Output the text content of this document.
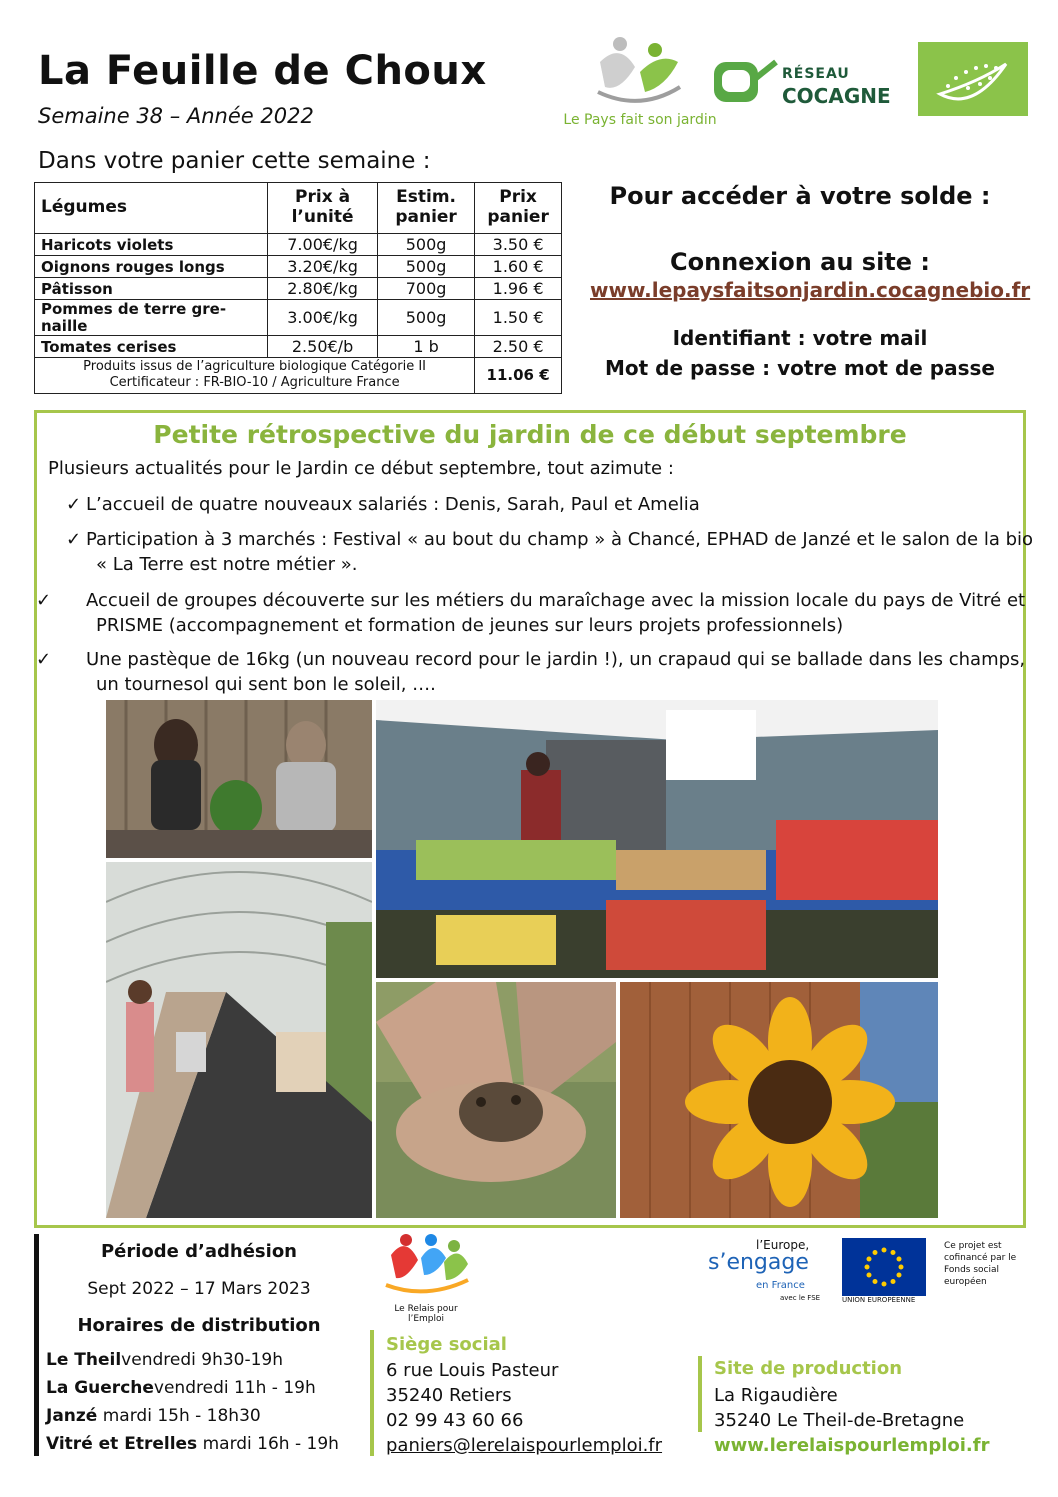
La Feuille de Choux
Semaine 38 – Année 2022	Le Pays fait son jardin
RÉSEAU
COCAGNE
Dans votre panier cette semaine :
Légumes	Prix à l’unité	Estim. panier	Prix panier
Haricots violets	7.00€/kg	500g	3.50 €
Oignons rouges longs	3.20€/kg	500g	1.60 €
Pâtisson	2.80€/kg	700g	1.96 €
Pommes de terre gre-naille	3.00€/kg	500g	1.50 €
Tomates cerises	2.50€/b	1 b	2.50 €

Produits issus de l’agriculture biologique Catégorie II
Certificateur : FR-BIO-10 / Agriculture France			11.06 €
Pour accéder à votre solde :
Connexion au site :
www.lepaysfaitsonjardin.cocagnebio.fr
Identifiant : votre mail
Mot de passe : votre mot de passe
Petite rétrospective du jardin de ce début septembre
Plusieurs actualités pour le Jardin ce début septembre, tout azimute :
✓ L’accueil de quatre nouveaux salariés : Denis, Sarah, Paul et Amelia
✓ Participation à 3 marchés : Festival « au bout du champ » à Chancé, EPHAD de Janzé et le salon de la bio « La Terre est notre métier ».
✓ Accueil de groupes découverte sur les métiers du maraîchage avec la mission locale du pays de Vitré et PRISME (accompagnement et formation de jeunes sur leurs projets professionnels)
✓ Une pastèque de 16kg (un nouveau record pour le jardin !), un crapaud qui se ballade dans les champs, un tournesol qui sent bon le soleil, ….
Période d’adhésion
Sept 2022 – 17 Mars 2023
Horaires de distribution
Le Theilvendredi 9h30-19h
La Guerchevendredi 11h - 19h
Janzé mardi 15h - 18h30
Vitré et Etrelles mardi 16h - 19h
Le Relais pour l’Emploi
l’Europe,
s’engage
en France
avec le FSE	UNION EUROPÉENNE
Ce projet est cofinancé par le Fonds social européen
Siège social
6 rue Louis Pasteur
35240 Retiers
02 99 43 60 66
paniers@lerelaispourlemploi.fr
Site de production
La Rigaudière
35240 Le Theil-de-Bretagne
www.lerelaispourlemploi.fr
